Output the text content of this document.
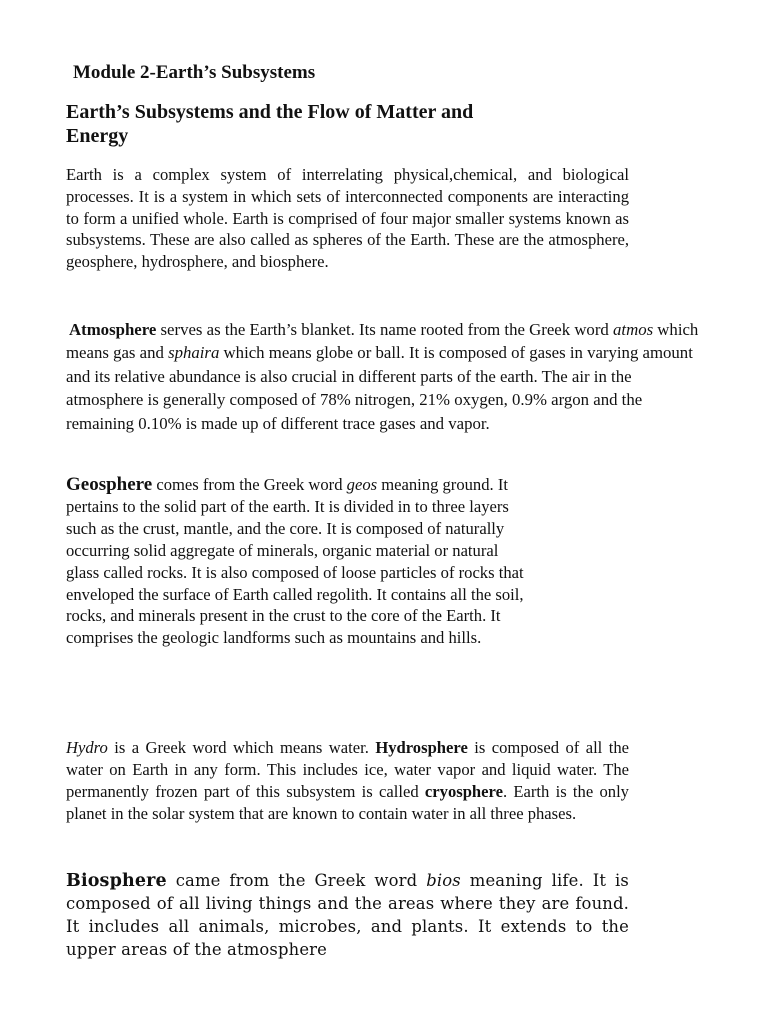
Module 2-Earth’s Subsystems
Earth’s Subsystems and the Flow of Matter and Energy

Earth is a complex system of interrelating physical,chemical, and biological processes. It is a system in which sets of interconnected components are interacting to form a unified whole. Earth is comprised of four major smaller systems known as subsystems. These are also called as spheres of the Earth. These are the atmosphere, geosphere, hydrosphere, and biosphere.

Atmosphere serves as the Earth’s blanket. Its name rooted from the Greek word atmos which means gas and sphaira which means globe or ball. It is composed of gases in varying amount and its relative abundance is also crucial in different parts of the earth. The air in the atmosphere is generally composed of 78% nitrogen, 21% oxygen, 0.9% argon and the remaining 0.10% is made up of different trace gases and vapor.

Geosphere comes from the Greek word geos meaning ground. It pertains to the solid part of the earth. It is divided in to three layers such as the crust, mantle, and the core. It is composed of naturally occurring solid aggregate of minerals, organic material or natural glass called rocks. It is also composed of loose particles of rocks that enveloped the surface of Earth called regolith. It contains all the soil, rocks, and minerals present in the crust to the core of the Earth. It comprises the geologic landforms such as mountains and hills.

Hydro is a Greek word which means water. Hydrosphere is composed of all the water on Earth in any form. This includes ice, water vapor and liquid water. The permanently frozen part of this subsystem is called cryosphere. Earth is the only planet in the solar system that are known to contain water in all three phases.

Biosphere came from the Greek word bios meaning life. It is composed of all living things and the areas where they are found. It includes all animals, microbes, and plants. It extends to the upper areas of the atmosphere
